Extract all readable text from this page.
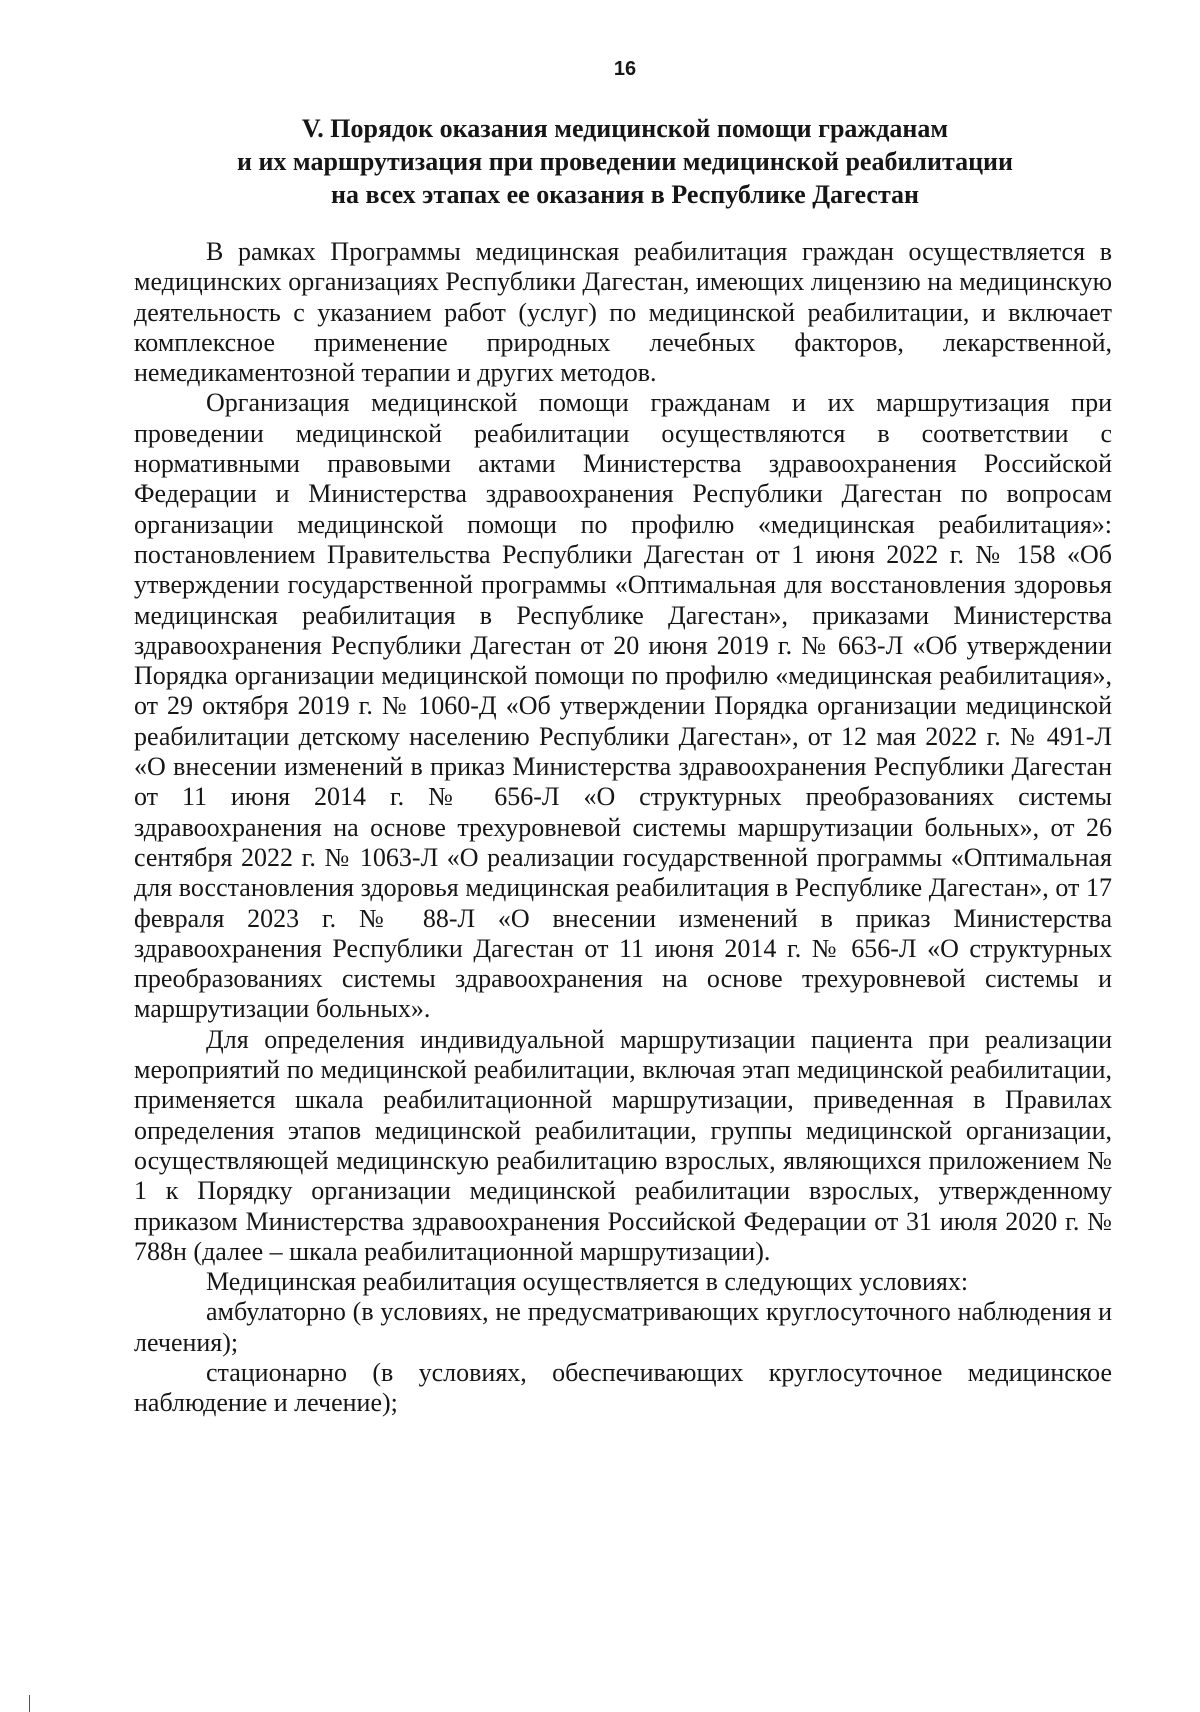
16
V. Порядок оказания медицинской помощи гражданам
и их маршрутизация при проведении медицинской реабилитации
на всех этапах ее оказания в Республике Дагестан

В рамках Программы медицинская реабилитация граждан осуществляется в медицинских организациях Республики Дагестан, имеющих лицензию на медицинскую деятельность с указанием работ (услуг) по медицинской реабилитации, и включает комплексное применение природных лечебных факторов, лекарственной, немедикаментозной терапии и других методов.

Организация медицинской помощи гражданам и их маршрутизация при проведении медицинской реабилитации осуществляются в соответствии с нормативными правовыми актами Министерства здравоохранения Российской Федерации и Министерства здравоохранения Республики Дагестан по вопросам организации медицинской помощи по профилю «медицинская реабилитация»: постановлением Правительства Республики Дагестан от 1 июня 2022 г. № 158 «Об утверждении государственной программы «Оптимальная для восстановления здоровья медицинская реабилитация в Республике Дагестан», приказами Министерства здравоохранения Республики Дагестан от 20 июня 2019 г. № 663-Л «Об утверждении Порядка организации медицинской помощи по профилю «медицинская реабилитация», от 29 октября 2019 г. № 1060-Д «Об утверждении Порядка организации медицинской реабилитации детскому населению Республики Дагестан», от 12 мая 2022 г. № 491-Л «О внесении изменений в приказ Министерства здравоохранения Республики Дагестан от 11 июня 2014 г. № 656-Л «О структурных преобразованиях системы здравоохранения на основе трехуровневой системы маршрутизации больных», от 26 сентября 2022 г. № 1063-Л «О реализации государственной программы «Оптимальная для восстановления здоровья медицинская реабилитация в Республике Дагестан», от 17 февраля 2023 г. № 88-Л «О внесении изменений в приказ Министерства здравоохранения Республики Дагестан от 11 июня 2014 г. № 656-Л «О структурных преобразованиях системы здравоохранения на основе трехуровневой системы и маршрутизации больных».

Для определения индивидуальной маршрутизации пациента при реализации мероприятий по медицинской реабилитации, включая этап медицинской реабилитации, применяется шкала реабилитационной маршрутизации, приведенная в Правилах определения этапов медицинской реабилитации, группы медицинской организации, осуществляющей медицинскую реабилитацию взрослых, являющихся приложением № 1 к Порядку организации медицинской реабилитации взрослых, утвержденному приказом Министерства здравоохранения Российской Федерации от 31 июля 2020 г. № 788н (далее – шкала реабилитационной маршрутизации).

Медицинская реабилитация осуществляется в следующих условиях:

амбулаторно (в условиях, не предусматривающих круглосуточного наблюдения и лечения);

стационарно (в условиях, обеспечивающих круглосуточное медицинское наблюдение и лечение);
